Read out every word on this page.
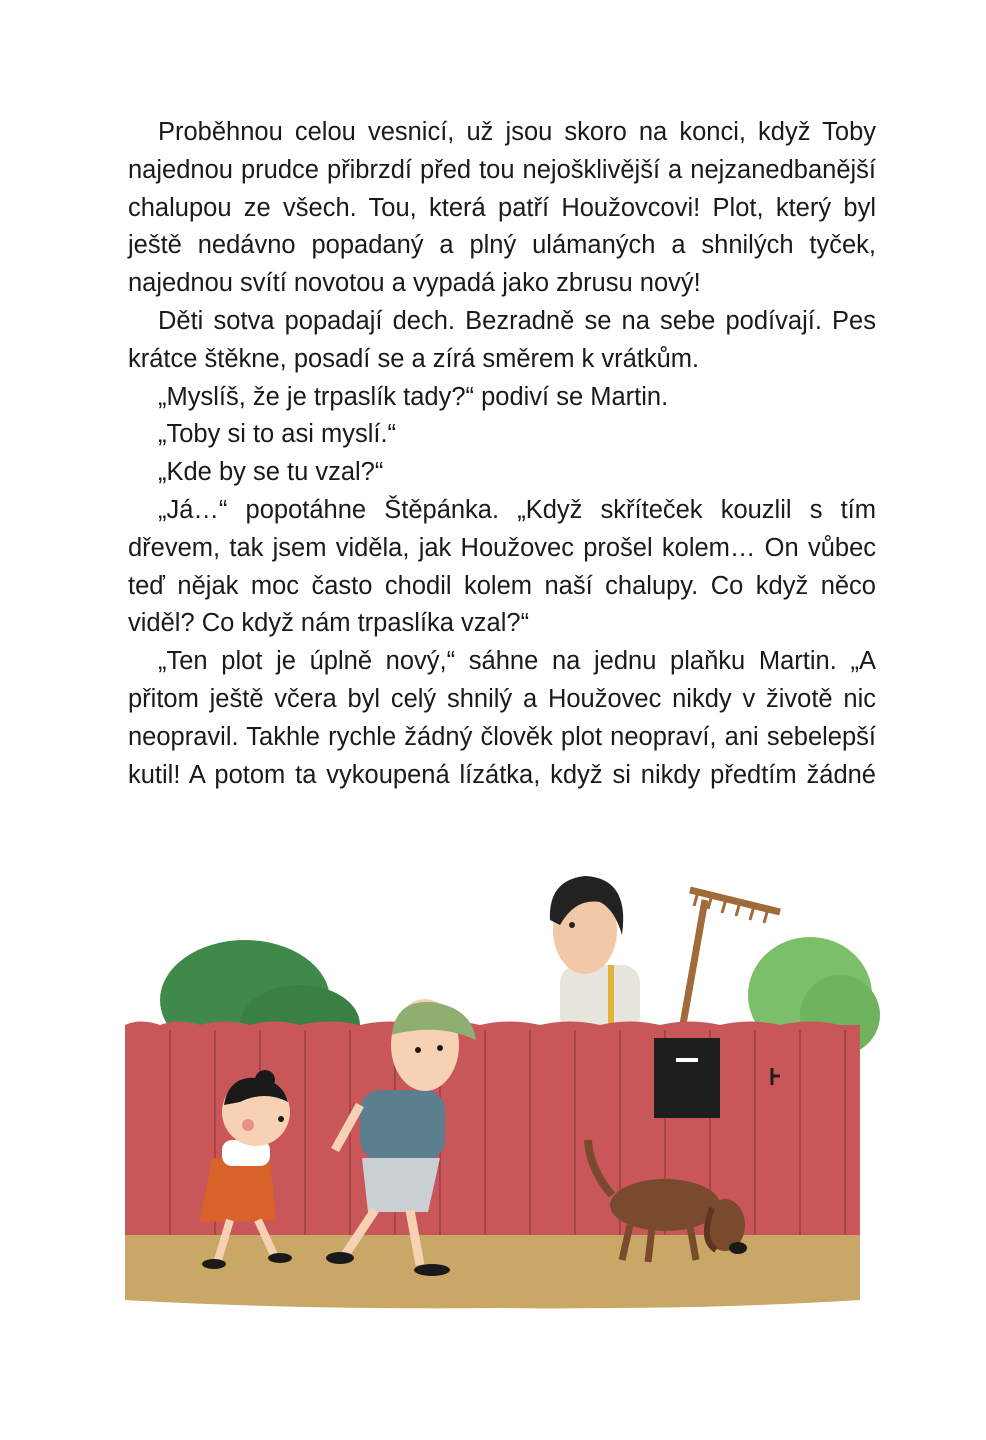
Proběhnou celou vesnicí, už jsou skoro na konci, když Toby najednou prudce přibrzdí před tou nejošklivější a nejzanedbanější chalupou ze všech. Tou, která patří Houžovcovi! Plot, který byl ještě nedávno popadaný a plný ulámaných a shnilých tyček, najednou svítí novotou a vypadá jako zbrusu nový!

Děti sotva popadají dech. Bezradně se na sebe podívají. Pes krátce štěkne, posadí se a zírá směrem k vrátkům.

„Myslíš, že je trpaslík tady?“ podiví se Martin.

„Toby si to asi myslí.“

„Kde by se tu vzal?“

„Já…“ popotáhne Štěpánka. „Když skříteček kouzlil s tím dřevem, tak jsem viděla, jak Houžovec prošel kolem… On vůbec teď nějak moc často chodil kolem naší chalupy. Co když něco viděl? Co když nám trpaslíka vzal?“

„Ten plot je úplně nový,“ sáhne na jednu plaňku Martin. „A přitom ještě včera byl celý shnilý a Houžovec nikdy v životě nic neopravil. Takhle rychle žádný člověk plot neopraví, ani sebelepší kutil! A potom ta vykoupená lízátka, když si nikdy předtím žádné
